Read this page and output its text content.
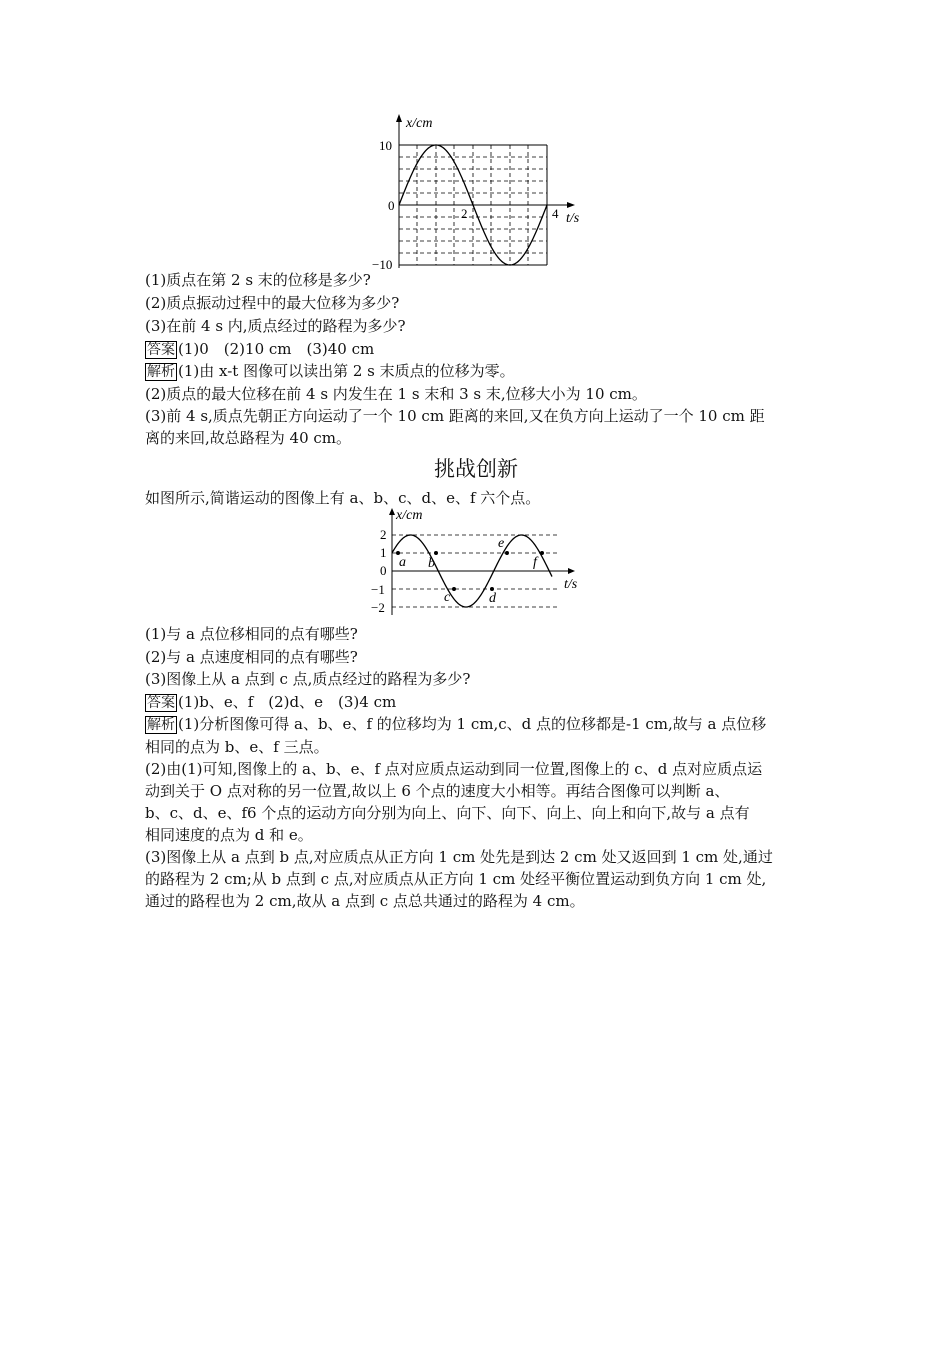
x/cm
t/s
10
0
−10
2	4
(1)质点在第 2 s 末的位移是多少?
(2)质点振动过程中的最大位移为多少?
(3)在前 4 s 内,质点经过的路程为多少?
答案 (1)0　(2)10 cm　(3)40 cm
解析 (1)由 x-t 图像可以读出第 2 s 末质点的位移为零。
(2)质点的最大位移在前 4 s 内发生在 1 s 末和 3 s 末,位移大小为 10 cm。
(3)前 4 s,质点先朝正方向运动了一个 10 cm 距离的来回,又在负方向上运动了一个 10 cm 距
离的来回,故总路程为 40 cm。
挑战创新
如图所示,简谐运动的图像上有 a、b、c、d、e、f 六个点。
x/cm
t/s
2
1
0
−1
−2
a b
c	d
e
f
(1)与 a 点位移相同的点有哪些?
(2)与 a 点速度相同的点有哪些?
(3)图像上从 a 点到 c 点,质点经过的路程为多少?
答案 (1)b、e、f　(2)d、e　(3)4 cm
解析 (1)分析图像可得 a、b、e、f 的位移均为 1 cm,c、d 点的位移都是-1 cm,故与 a 点位移
相同的点为 b、e、f 三点。
(2)由(1)可知,图像上的 a、b、e、f 点对应质点运动到同一位置,图像上的 c、d 点对应质点运
动到关于 O 点对称的另一位置,故以上 6 个点的速度大小相等。再结合图像可以判断 a、
b、c、d、e、f6 个点的运动方向分别为向上、向下、向下、向上、向上和向下,故与 a 点有
相同速度的点为 d 和 e。
(3)图像上从 a 点到 b 点,对应质点从正方向 1 cm 处先是到达 2 cm 处又返回到 1 cm 处,通过
的路程为 2 cm;从 b 点到 c 点,对应质点从正方向 1 cm 处经平衡位置运动到负方向 1 cm 处,
通过的路程也为 2 cm,故从 a 点到 c 点总共通过的路程为 4 cm。
